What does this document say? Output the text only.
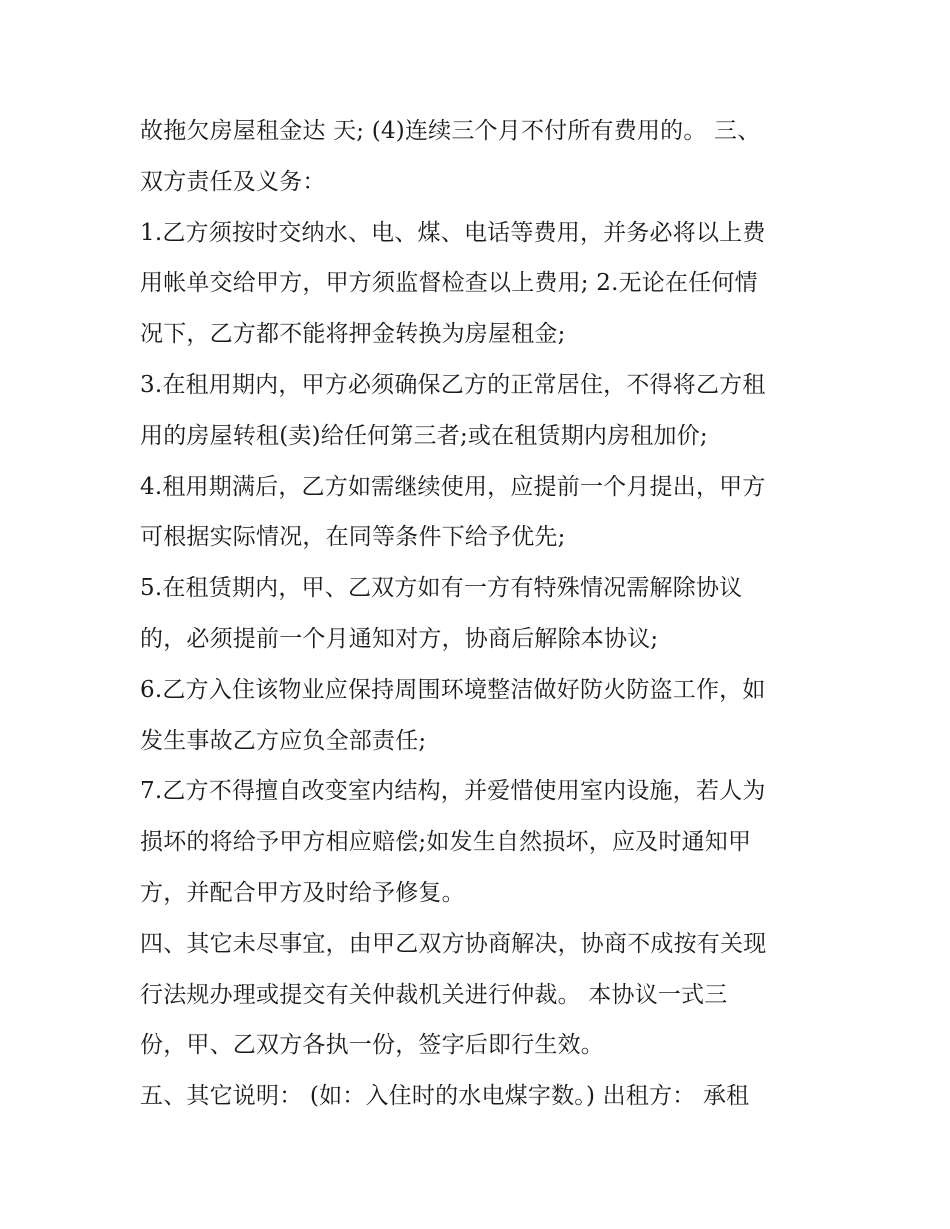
故拖欠房屋租金达 天; (4)连续三个月不付所有费用的。 三、
双方责任及义务：
1.乙方须按时交纳水、电、煤、电话等费用，并务必将以上费
用帐单交给甲方，甲方须监督检查以上费用; 2.无论在任何情
况下，乙方都不能将押金转换为房屋租金;
3.在租用期内，甲方必须确保乙方的正常居住，不得将乙方租
用的房屋转租(卖)给任何第三者;或在租赁期内房租加价;
4.租用期满后，乙方如需继续使用，应提前一个月提出，甲方
可根据实际情况，在同等条件下给予优先;
5.在租赁期内，甲、乙双方如有一方有特殊情况需解除协议
的，必须提前一个月通知对方，协商后解除本协议;
6.乙方入住该物业应保持周围环境整洁做好防火防盗工作，如
发生事故乙方应负全部责任;
7.乙方不得擅自改变室内结构，并爱惜使用室内设施，若人为
损坏的将给予甲方相应赔偿;如发生自然损坏，应及时通知甲
方，并配合甲方及时给予修复。
四、其它未尽事宜，由甲乙双方协商解决，协商不成按有关现
行法规办理或提交有关仲裁机关进行仲裁。 本协议一式三
份，甲、乙双方各执一份，签字后即行生效。
五、其它说明： (如：入住时的水电煤字数。) 出租方： 承租
